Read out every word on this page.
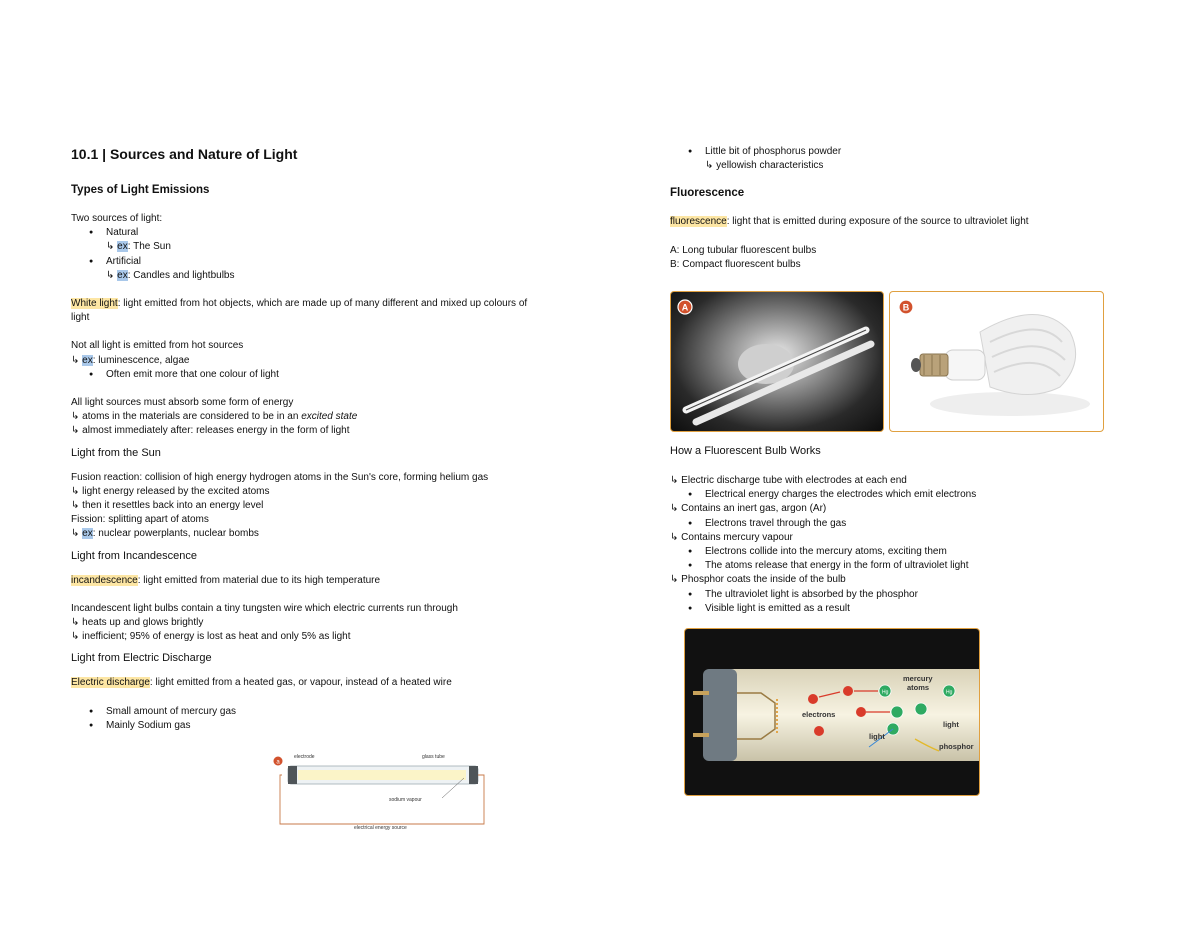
10.1 | Sources and Nature of Light
Types of Light Emissions

Two sources of light:

● Natural

↳ ex: The Sun

● Artificial

↳ ex: Candles and lightbulbs

White light: light emitted from hot objects, which are made up of many different and mixed up colours of light

Not all light is emitted from hot sources

↳ ex: luminescence, algae

● Often emit more that one colour of light

All light sources must absorb some form of energy

↳ atoms in the materials are considered to be in an excited state

↳ almost immediately after: releases energy in the form of light

Light from the Sun

Fusion reaction: collision of high energy hydrogen atoms in the Sun's core, forming helium gas

↳ light energy released by the excited atoms

↳ then it resettles back into an energy level

Fission: splitting apart of atoms

↳ ex: nuclear powerplants, nuclear bombs

Light from Incandescence

incandescence: light emitted from material due to its high temperature

Incandescent light bulbs contain a tiny tungsten wire which electric currents run through

↳ heats up and glows brightly

↳ inefficient; 95% of energy is lost as heat and only 5% as light

Light from Electric Discharge

Electric discharge: light emitted from a heated gas, or vapour, instead of a heated wire

● Small amount of mercury gas
● Mainly Sodium gas
a
electrode	glass tube
sodium vapour
electrical energy source
● Little bit of phosphorus powder

↳ yellowish characteristics

Fluorescence

fluorescence: light that is emitted during exposure of the source to ultraviolet light

A: Long tubular fluorescent bulbs

B: Compact fluorescent bulbs

A	B
How a Fluorescent Bulb Works

↳ Electric discharge tube with electrodes at each end

● Electrical energy charges the electrodes which emit electrons

↳ Contains an inert gas, argon (Ar)

● Electrons travel through the gas

↳ Contains mercury vapour

● Electrons collide into the mercury atoms, exciting them
● The atoms release that energy in the form of ultraviolet light

↳ Phosphor coats the inside of the bulb

● The ultraviolet light is absorbed by the phosphor
● Visible light is emitted as a result
Hg	Hg
mercury
atoms
electrons
light
light
phosphor
